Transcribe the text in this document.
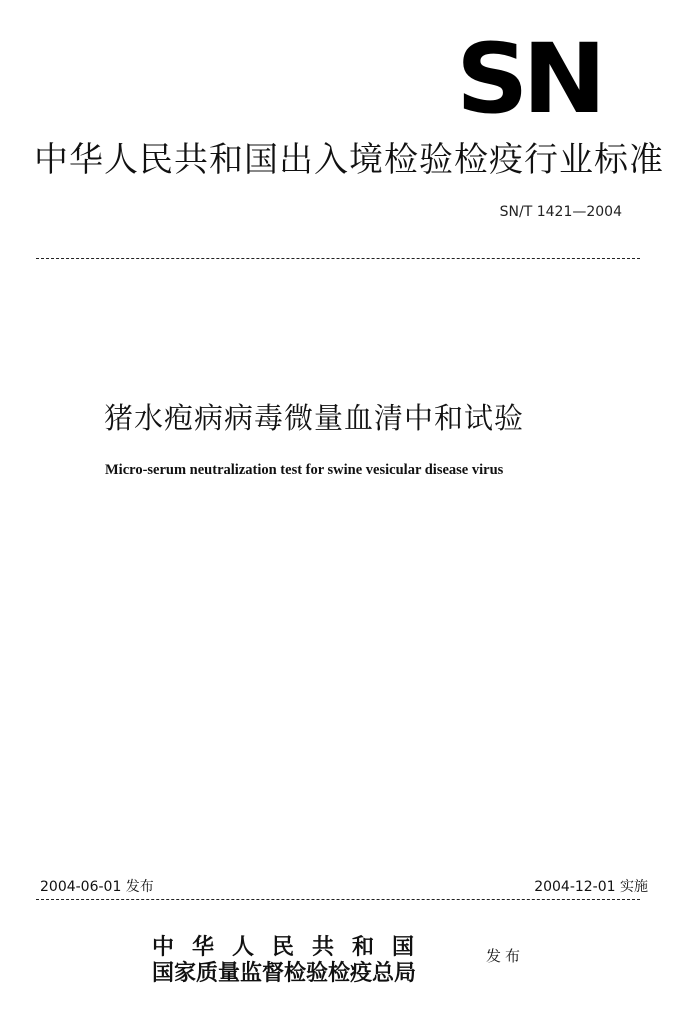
SN
中华人民共和国出入境检验检疫行业标准
SN/T 1421—2004
猪水疱病病毒微量血清中和试验
Micro-serum neutralization test for swine vesicular disease virus
2004-06-01 发布	2004-12-01 实施
中华人民共和国
国家质量监督检验检疫总局
发布
